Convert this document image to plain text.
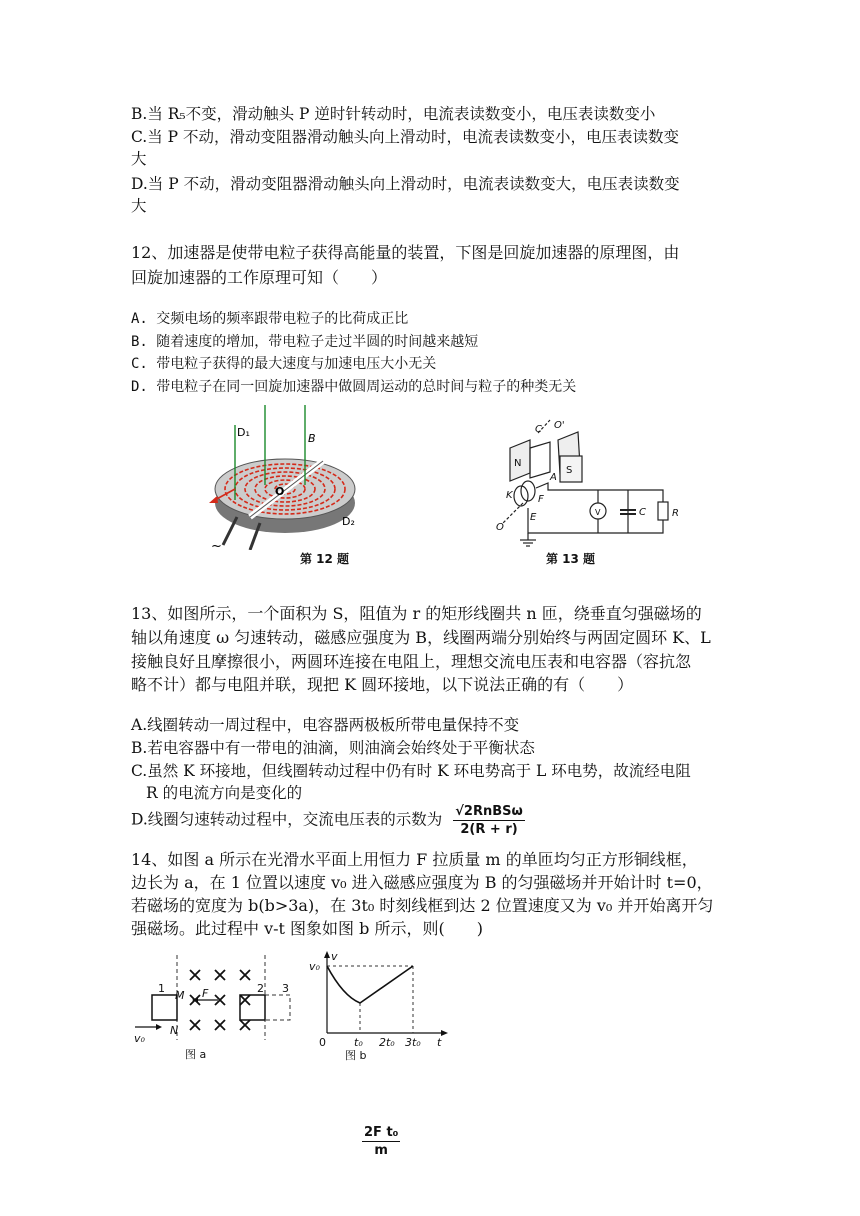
B.当 R₅不变，滑动触头 P 逆时针转动时，电流表读数变小，电压表读数变小
C.当 P 不动，滑动变阻器滑动触头向上滑动时，电流表读数变小，电压表读数变
大
D.当 P 不动，滑动变阻器滑动触头向上滑动时，电流表读数变大，电压表读数变
大
12、加速器是使带电粒子获得高能量的装置，下图是回旋加速器的原理图，由
回旋加速器的工作原理可知（　　）
A. 交频电场的频率跟带电粒子的比荷成正比
B. 随着速度的增加，带电粒子走过半圆的时间越来越短
C. 带电粒子获得的最大速度与加速电压大小无关
D. 带电粒子在同一回旋加速器中做圆周运动的总时间与粒子的种类无关
D₁	B
O
D₂
~
第 12 题
C O'
N
S
A
K	F
O
E	V	C	R
第 13 题
13、如图所示，一个面积为 S，阻值为 r 的矩形线圈共 n 匝，绕垂直匀强磁场的
轴以角速度 ω 匀速转动，磁感应强度为 B，线圈两端分别始终与两固定圆环 K、L
接触良好且摩擦很小，两圆环连接在电阻上，理想交流电压表和电容器（容抗忽
略不计）都与电阻并联，现把 K 圆环接地，以下说法正确的有（　　）
A.线圈转动一周过程中，电容器两极板所带电量保持不变
B.若电容器中有一带电的油滴，则油滴会始终处于平衡状态
C.虽然 K 环接地，但线圈转动过程中仍有时 K 环电势高于 L 环电势，故流经电阻
R 的电流方向是变化的
D.线圈匀速转动过程中，交流电压表的示数为 $\frac{\text{√2RnBSω}}{2(R + r)}$
14、如图 a 所示在光滑水平面上用恒力 F 拉质量 m 的单匝均匀正方形铜线框，
边长为 a，在 1 位置以速度 v₀ 进入磁感应强度为 B 的匀强磁场并开始计时 t=0，
若磁场的宽度为 b(b>3a)，在 3t₀ 时刻线框到达 2 位置速度又为 v₀ 并开始离开匀
强磁场。此过程中 v-t 图象如图 b 所示，则(　　)
1	2 3
M
N
F
v₀
图 a
v
v₀
0	t₀ 2t₀ 3t₀ t
图 b
$\frac{\text{2F t₀}}{m}$
